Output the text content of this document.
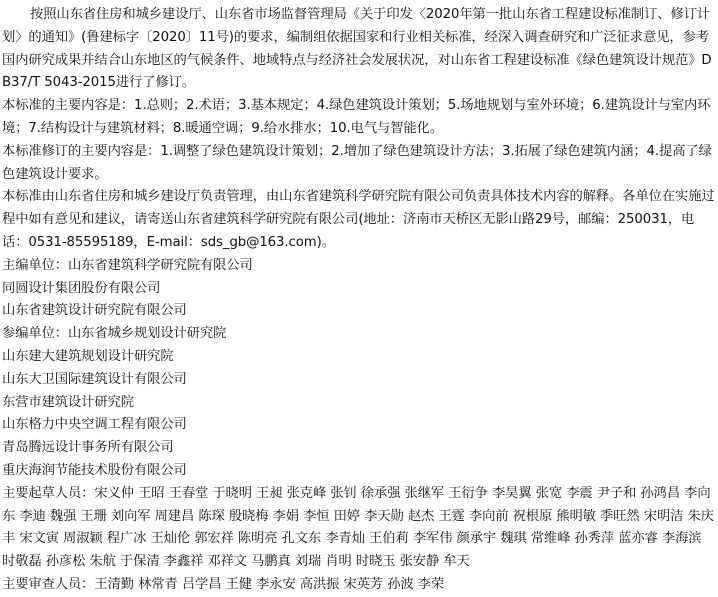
按照山东省住房和城乡建设厅、山东省市场监督管理局《关于印发〈2020年第一批山东省工程建设标准制订、修订计划〉的通知》(鲁建标字〔2020〕11号)的要求，编制组依据国家和行业相关标准，经深入调查研究和广泛征求意见，参考国内研究成果并结合山东地区的气候条件、地域特点与经济社会发展状况，对山东省工程建设标准《绿色建筑设计规范》DB37/T 5043-2015进行了修订。

本标准的主要内容是：1.总则；2.术语；3.基本规定；4.绿色建筑设计策划；5.场地规划与室外环境；6.建筑设计与室内环境；7.结构设计与建筑材料；8.暖通空调；9.给水排水；10.电气与智能化。

本标准修订的主要内容是：1.调整了绿色建筑设计策划；2.增加了绿色建筑设计方法；3.拓展了绿色建筑内涵；4.提高了绿色建筑设计要求。

本标准由山东省住房和城乡建设厅负责管理，由山东省建筑科学研究院有限公司负责具体技术内容的解释。各单位在实施过程中如有意见和建议，请寄送山东省建筑科学研究院有限公司(地址：济南市天桥区无影山路29号，邮编：250031，电话：0531-85595189，E-mail：sds_gb@163.com)。

主编单位：山东省建筑科学研究院有限公司

同圆设计集团股份有限公司

山东省建筑设计研究院有限公司

参编单位：山东省城乡规划设计研究院

山东建大建筑规划设计研究院

山东大卫国际建筑设计有限公司

东营市建筑设计研究院

山东格力中央空调工程有限公司

青岛腾远设计事务所有限公司

重庆海润节能技术股份有限公司

主要起草人员：宋义仲 王昭 王春堂 于晓明 王昶 张克峰 张钊 徐承强 张继军 王衍争 李昊翼 张宽 李震 尹子和 孙鸿昌 李向东 李迪 魏强 王珊 刘向军 周建昌 陈琛 殷晓梅 李娟 李恒 田婷 李天勋 赵杰 王霆 李向前 祝根原 熊明敏 季旺然 宋明洁 朱庆丰 宋文寅 周淑颖 程广冰 王灿伦 郭宏祥 陈明亮 孔文东 李青灿 王伯莉 李军伟 颜承宇 魏琪 常维峰 孙秀萍 蓝亦睿 李海滨 时敬磊 孙彦松 朱航 于保清 李鑫祥 邓祥文 马鹏真 刘瑞 肖明 时晓玉 张安静 牟天

主要审查人员：王清勤 林常青 吕学昌 王健 李永安 高洪振 宋英芳 孙波 李荣
